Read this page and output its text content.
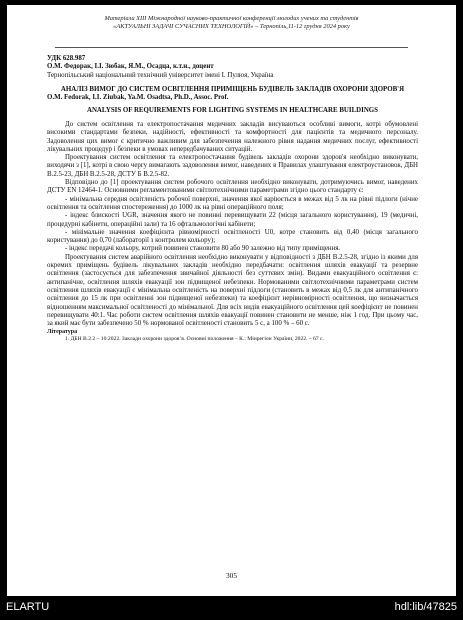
Матеріали XIII Міжнародної науково-практичної конференції молодих учених та студентів
«АКТУАЛЬНІ ЗАДАЧІ СУЧАСНИХ ТЕХНОЛОГІЙ» – Тернопіль,11-12 грудня 2024 року

УДК 628.987

О.М. Федорак, І.І. Зюбак, Я.М., Осадца, к.т.н., доцент

Тернопільський національний технічний університет імені І. Пулюя, Україна

АНАЛІЗ ВИМОГ ДО СИСТЕМ ОСВІТЛЕННЯ ПРИМІЩЕНЬ БУДІВЕЛЬ ЗАКЛАДІВ ОХОРОНИ ЗДОРОВ'Я

O.M. Fedorak, I.I. Ziubak, Ya.M. Osadtsa, Ph.D., Assoc. Prof.

ANALYSIS OF REQUIREMENTS FOR LIGHTING SYSTEMS IN HEALTHCARE BUILDINGS

До систем освітлення та електропостачання медичних закладів висуваються особливі вимоги, котрі обумовлені високими стандартами безпеки, надійності, ефективності та комфортності для пацієнтів та медичного персоналу. Задоволення цих вимог є критично важливим для забезпечення належного рівня надання медичних послуг, ефективності лікувальних процедур і безпеки в умовах непередбачуваних ситуацій.

Проектування систем освітлення та електропостачання будівель закладів охорони здоров'я необхідно виконувати, виходячи з [1], котрі в свою чергу вимагають задоволення вимог, наведених в Правилах улаштування електроустановок, ДБН В.2.5-23, ДБН В.2.5-28, ДСТУ Б В.2.5-82.

Відповідно до [1] проектування систем робочого освітлення необхідно виконувати, дотримуючись вимог, наведених ДСТУ EN 12464-1. Основними регламентованими світлотехнічними параметрами згідно цього стандарту є:

- мінімальна середня освітленість робочої поверхні, значення якої варіюється в межах від 5 лк на рівні підлоги (нічне освітлення та освітлення спостереження) до 1000 лк на рівні операційного поля;

- індекс блискості UGR, значення якого не повинні перевищувати 22 (місця загального користування), 19 (медичні, процедурні кабінети, операційні зали) та 16 офтальмологічні кабінети;

- мінімальне значення коефіцієнта рівномірності освітленості U0, котре становить від 0,40 (місця загального користування) до 0,70 (лабораторії з контролем кольору);

- індекс передачі кольору, котрий повинен становити 80 або 90 залежно від типу приміщення.

Проектування систем аварійного освітлення необхідно виконувати у відповідності з ДБН В.2.5-28, згідно із якими для окремих приміщень будівель лікувальних закладів необхідно передбачати: освітлення шляхів евакуації та резервне освітлення (застосується для забезпечення звичайної діяльності без суттєвих змін). Видами евакуаційного освітлення є: антипанічне, освітлення шляхів евакуації зон підвищеної небезпеки. Нормованими світлотехнічними параметрами систем освітлення шляхів евакуації є мінімальна освітленість на поверхні підлоги (становить в межах від 0,5 лк для антипанічного освітлення до 15 лк при освітленні зон підвищеної небезпеки) та коефіцієнт нерівномірності освітлення, що визначається відношенням максимальної освітленості до мінімальної. Для всіх видів евакуаційного освітлення цей коефіцієнт не повинен перевищувати 40:1. Час роботи систем освітлення шляхів евакуації повинен становити не менше, ніж 1 год. При цьому час, за який має бути забезпечено 50 % нормованої освітленості становить 5 с, а 100 % – 60 с.

Література

1. ДБН В.2.2 – 10:2022. Заклади охорони здоров’я. Основні положення – К.: Мінрегіон України, 2022. – 67 с.

305
ELARTU	hdl:lib/47825
